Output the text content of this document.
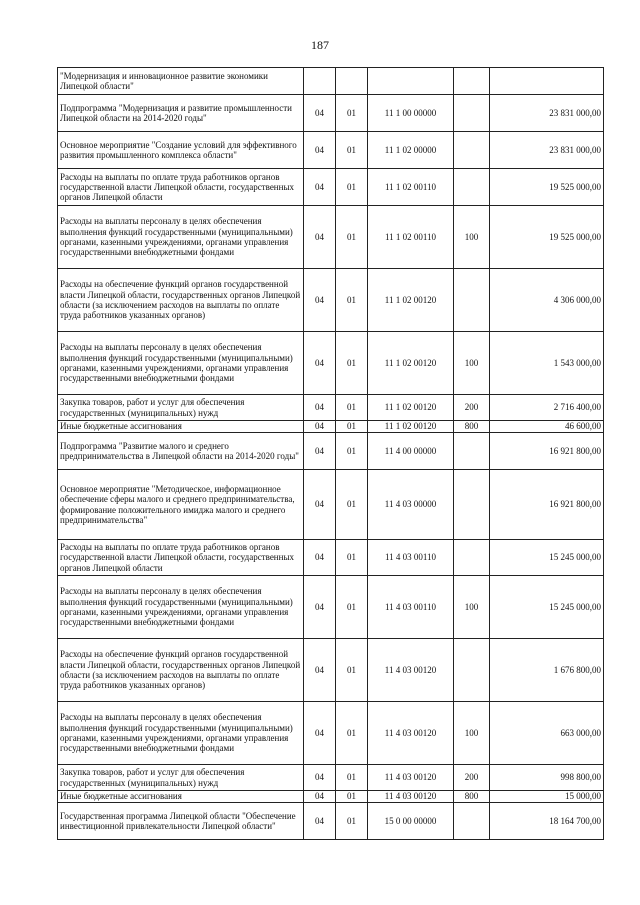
187
"Модернизация и инновационное развитие экономики Липецкой области"					
Подпрограмма "Модернизация и развитие промышленности Липецкой области на 2014-2020 годы"	04	01	11 1 00 00000		23 831 000,00
Основное мероприятие "Создание условий для эффективного развития промышленного комплекса области"	04	01	11 1 02 00000		23 831 000,00
Расходы на выплаты по оплате труда работников органов государственной власти Липецкой области, государственных органов Липецкой области	04	01	11 1 02 00110		19 525 000,00
Расходы на выплаты персоналу в целях обеспечения выполнения функций государственными (муниципальными) органами, казенными учреждениями, органами управления государственными внебюджетными фондами	04	01	11 1 02 00110	100	19 525 000,00
Расходы на обеспечение функций органов государственной власти Липецкой области, государственных органов Липецкой области (за исключением расходов на выплаты по оплате труда работников указанных органов)	04	01	11 1 02 00120		4 306 000,00
Расходы на выплаты персоналу в целях обеспечения выполнения функций государственными (муниципальными) органами, казенными учреждениями, органами управления государственными внебюджетными фондами	04	01	11 1 02 00120	100	1 543 000,00
Закупка товаров, работ и услуг для обеспечения государственных (муниципальных) нужд	04	01	11 1 02 00120	200	2 716 400,00
Иные бюджетные ассигнования	04	01	11 1 02 00120	800	46 600,00
Подпрограмма "Развитие малого и среднего предпринимательства в Липецкой области на 2014-2020 годы"	04	01	11 4 00 00000		16 921 800,00
Основное мероприятие "Методическое, информационное обеспечение сферы малого и среднего предпринимательства, формирование положительного имиджа малого и среднего предпринимательства"	04	01	11 4 03 00000		16 921 800,00
Расходы на выплаты по оплате труда работников органов государственной власти Липецкой области, государственных органов Липецкой области	04	01	11 4 03 00110		15 245 000,00
Расходы на выплаты персоналу в целях обеспечения выполнения функций государственными (муниципальными) органами, казенными учреждениями, органами управления государственными внебюджетными фондами	04	01	11 4 03 00110	100	15 245 000,00
Расходы на обеспечение функций органов государственной власти Липецкой области, государственных органов Липецкой области (за исключением расходов на выплаты по оплате труда работников указанных органов)	04	01	11 4 03 00120		1 676 800,00
Расходы на выплаты персоналу в целях обеспечения выполнения функций государственными (муниципальными) органами, казенными учреждениями, органами управления государственными внебюджетными фондами	04	01	11 4 03 00120	100	663 000,00
Закупка товаров, работ и услуг для обеспечения государственных (муниципальных) нужд	04	01	11 4 03 00120	200	998 800,00
Иные бюджетные ассигнования	04	01	11 4 03 00120	800	15 000,00
Государственная программа Липецкой области "Обеспечение инвестиционной привлекательности Липецкой области"	04	01	15 0 00 00000		18 164 700,00
